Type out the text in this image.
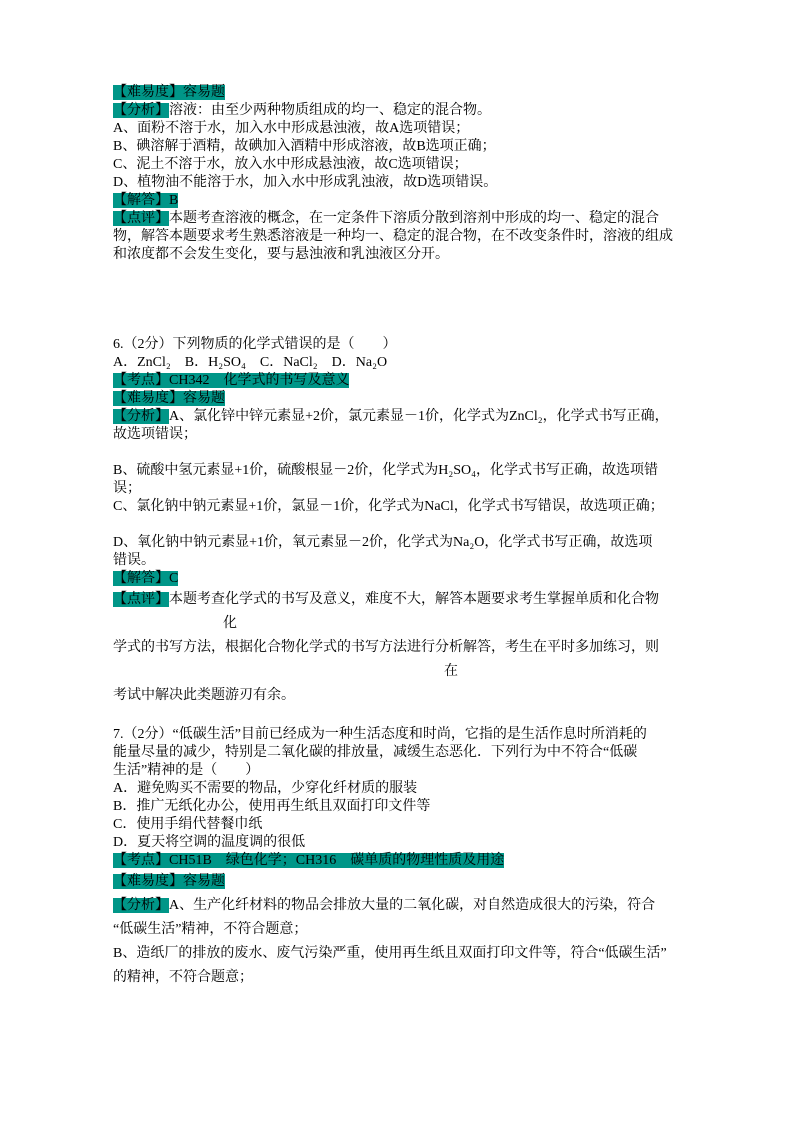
【难易度】容易题
【分析】溶液：由至少两种物质组成的均一、稳定的混合物。
A、面粉不溶于水，加入水中形成悬浊液，故A选项错误；
B、碘溶解于酒精，故碘加入酒精中形成溶液，故B选项正确；
C、泥土不溶于水，放入水中形成悬浊液，故C选项错误；
D、植物油不能溶于水，加入水中形成乳浊液，故D选项错误。
【解答】B
【点评】本题考查溶液的概念，在一定条件下溶质分散到溶剂中形成的均一、稳定的混合
物，解答本题要求考生熟悉溶液是一种均一、稳定的混合物，在不改变条件时，溶液的组成
和浓度都不会发生变化，要与悬浊液和乳浊液区分开。

6.（2分）下列物质的化学式错误的是（　　）
A．ZnCl₂　B．H₂SO₄　C．NaCl₂　D．Na₂O
【考点】CH342　化学式的书写及意义
【难易度】容易题
【分析】A、氯化锌中锌元素显+2价，氯元素显－1价，化学式为ZnCl₂，化学式书写正确，
故选项错误；

B、硫酸中氢元素显+1价，硫酸根显－2价，化学式为H₂SO₄，化学式书写正确，故选项错
误；
C、氯化钠中钠元素显+1价，氯显－1价，化学式为NaCl，化学式书写错误，故选项正确；

D、氧化钠中钠元素显+1价，氧元素显－2价，化学式为Na₂O，化学式书写正确，故选项
错误。
【解答】C
【点评】本题考查化学式的书写及意义，难度不大，解答本题要求考生掌握单质和化合物
化
学式的书写方法，根据化合物化学式的书写方法进行分析解答，考生在平时多加练习，则
在
考试中解决此类题游刃有余。

7.（2分）“低碳生活”目前已经成为一种生活态度和时尚，它指的是生活作息时所消耗的
能量尽量的减少，特别是二氧化碳的排放量，减缓生态恶化．下列行为中不符合“低碳
生活”精神的是（　　）
A．避免购买不需要的物品，少穿化纤材质的服装
B．推广无纸化办公，使用再生纸且双面打印文件等
C．使用手绢代替餐巾纸
D．夏天将空调的温度调的很低
【考点】CH51B　绿色化学；CH316　碳单质的物理性质及用途
【难易度】容易题
【分析】A、生产化纤材料的物品会排放大量的二氧化碳，对自然造成很大的污染，符合
“低碳生活”精神，不符合题意；
B、造纸厂的排放的废水、废气污染严重，使用再生纸且双面打印文件等，符合“低碳生活”
的精神，不符合题意；
